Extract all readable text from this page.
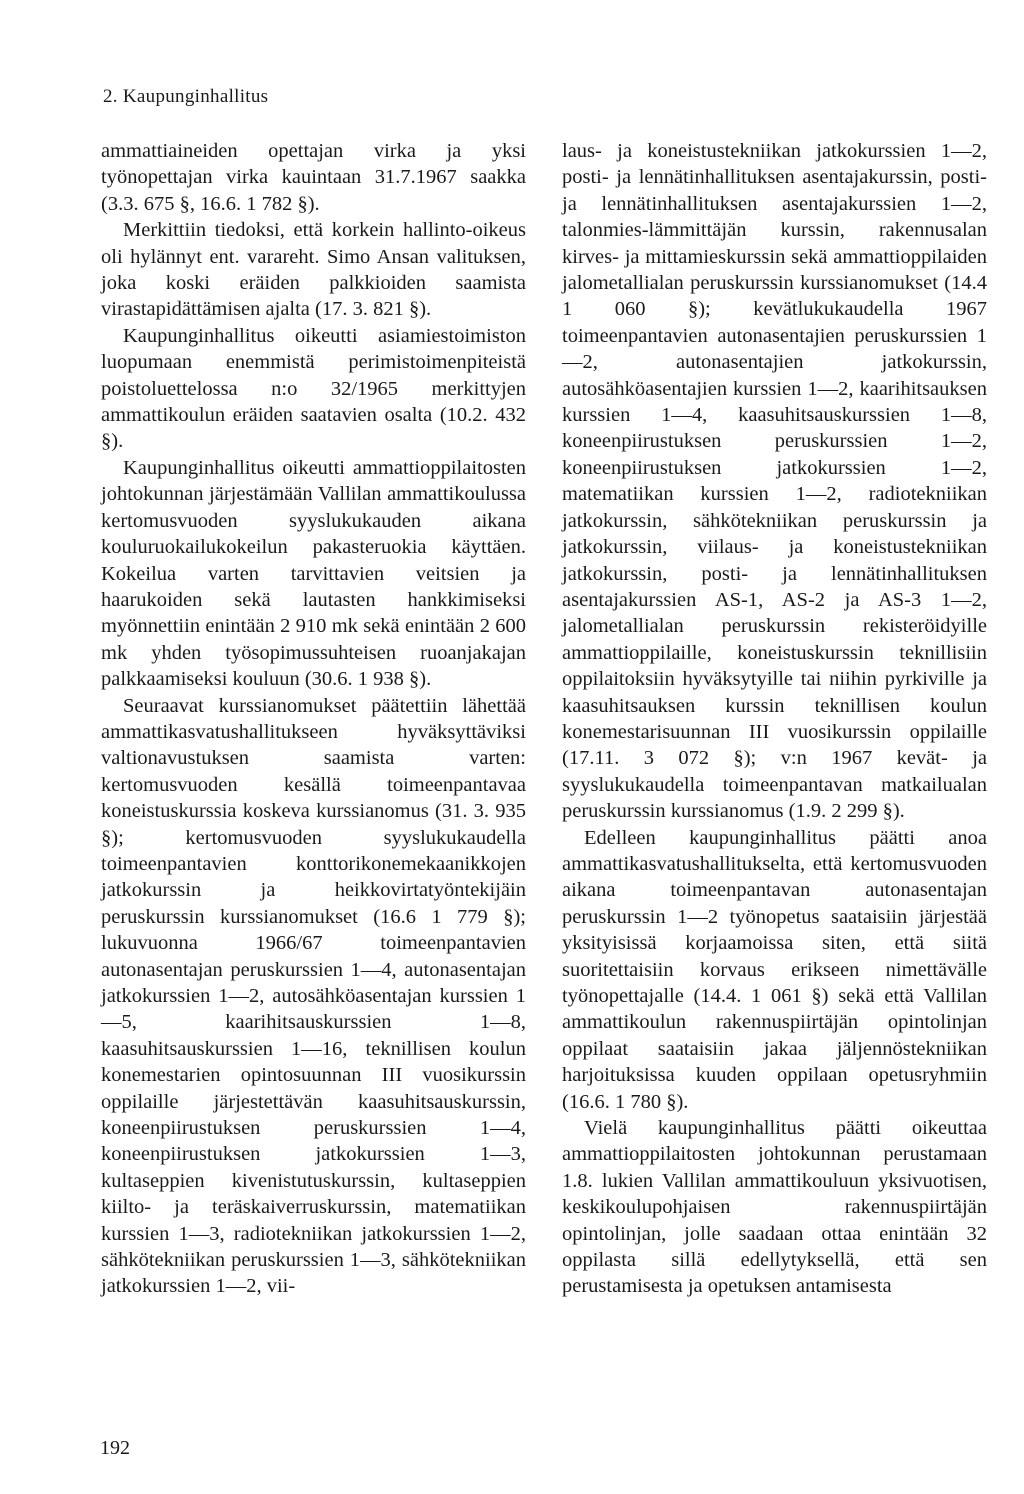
2. Kaupunginhallitus

ammattiaineiden opettajan virka ja yksi työnopettajan virka kauintaan 31.7.1967 saakka (3.3. 675 §, 16.6. 1 782 §).

Merkittiin tiedoksi, että korkein hallinto-oikeus oli hylännyt ent. varareht. Simo Ansan valituksen, joka koski eräiden palkkioiden saamista virastapidättämisen ajalta (17. 3. 821 §).

Kaupunginhallitus oikeutti asiamiestoimiston luopumaan enemmistä perimistoimenpiteistä poistoluettelossa n:o 32/1965 merkittyjen ammattikoulun eräiden saatavien osalta (10.2. 432 §).

Kaupunginhallitus oikeutti ammattioppilaitosten johtokunnan järjestämään Vallilan ammattikoulussa kertomusvuoden syyslukukauden aikana kouluruokailukokeilun pakasteruokia käyttäen. Kokeilua varten tarvittavien veitsien ja haarukoiden sekä lautasten hankkimiseksi myönnettiin enintään 2 910 mk sekä enintään 2 600 mk yhden työsopimussuhteisen ruoanjakajan palkkaamiseksi kouluun (30.6. 1 938 §).

Seuraavat kurssianomukset päätettiin lähettää ammattikasvatushallitukseen hyväksyttäviksi valtionavustuksen saamista varten: kertomusvuoden kesällä toimeenpantavaa koneistuskurssia koskeva kurssianomus (31. 3. 935 §); kertomusvuoden syyslukukaudella toimeenpantavien konttorikonemekaanikkojen jatkokurssin ja heikkovirtatyöntekijäin peruskurssin kurssianomukset (16.6 1 779 §); lukuvuonna 1966/67 toimeenpantavien autonasentajan peruskurssien 1—4, autonasentajan jatkokurssien 1—2, autosähköasentajan kurssien 1—5, kaarihitsauskurssien 1—8, kaasuhitsauskurssien 1—16, teknillisen koulun konemestarien opintosuunnan III vuosikurssin oppilaille järjestettävän kaasuhitsauskurssin, koneenpiirustuksen peruskurssien 1—4, koneenpiirustuksen jatkokurssien 1—3, kultaseppien kivenistutuskurssin, kultaseppien kiilto- ja teräskaiverruskurssin, matematiikan kurssien 1—3, radiotekniikan jatkokurssien 1—2, sähkötekniikan peruskurssien 1—3, sähkötekniikan jatkokurssien 1—2, vii-

laus- ja koneistustekniikan jatkokurssien 1—2, posti- ja lennätinhallituksen asentajakurssin, posti- ja lennätinhallituksen asentajakurssien 1—2, talonmies-lämmittäjän kurssin, rakennusalan kirves- ja mittamieskurssin sekä ammattioppilaiden jalometallialan peruskurssin kurssianomukset (14.4 1 060 §); kevätlukukaudella 1967 toimeenpantavien autonasentajien peruskurssien 1—2, autonasentajien jatkokurssin, autosähköasentajien kurssien 1—2, kaarihitsauksen kurssien 1—4, kaasuhitsauskurssien 1—8, koneenpiirustuksen peruskurssien 1—2, koneenpiirustuksen jatkokurssien 1—2, matematiikan kurssien 1—2, radiotekniikan jatkokurssin, sähkötekniikan peruskurssin ja jatkokurssin, viilaus- ja koneistustekniikan jatkokurssin, posti- ja lennätinhallituksen asentajakurssien AS-1, AS-2 ja AS-3 1—2, jalometallialan peruskurssin rekisteröidyille ammattioppilaille, koneistuskurssin teknillisiin oppilaitoksiin hyväksytyille tai niihin pyrkiville ja kaasuhitsauksen kurssin teknillisen koulun konemestarisuunnan III vuosikurssin oppilaille (17.11. 3 072 §); v:n 1967 kevät- ja syyslukukaudella toimeenpantavan matkailualan peruskurssin kurssianomus (1.9. 2 299 §).

Edelleen kaupunginhallitus päätti anoa ammattikasvatushallitukselta, että kertomusvuoden aikana toimeenpantavan autonasentajan peruskurssin 1—2 työnopetus saataisiin järjestää yksityisissä korjaamoissa siten, että siitä suoritettaisiin korvaus erikseen nimettävälle työnopettajalle (14.4. 1 061 §) sekä että Vallilan ammattikoulun rakennuspiirtäjän opintolinjan oppilaat saataisiin jakaa jäljennöstekniikan harjoituksissa kuuden oppilaan opetusryhmiin (16.6. 1 780 §).

Vielä kaupunginhallitus päätti oikeuttaa ammattioppilaitosten johtokunnan perustamaan 1.8. lukien Vallilan ammattikouluun yksivuotisen, keskikoulupohjaisen rakennuspiirtäjän opintolinjan, jolle saadaan ottaa enintään 32 oppilasta sillä edellytyksellä, että sen perustamisesta ja opetuksen antamisesta

192
